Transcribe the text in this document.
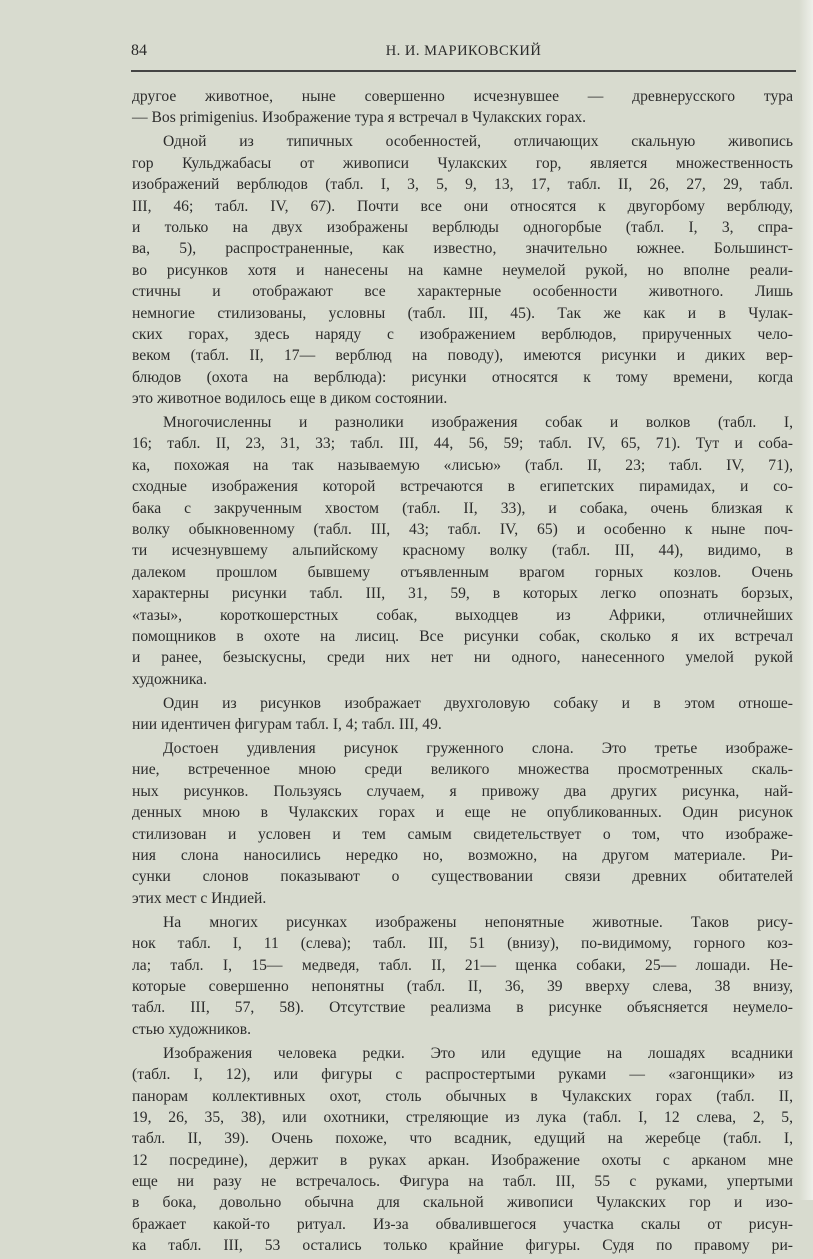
84	Н. И. МАРИКОВСКИЙ
другое животное, ныне совершенно исчезнувшее — древнерусского тура
— Bos primigenius. Изображение тура я встречал в Чулакских горах.
Одной из типичных особенностей, отличающих скальную живопись
гор Кульджабасы от живописи Чулакских гор, является множественность
изображений верблюдов (табл. I, 3, 5, 9, 13, 17, табл. II, 26, 27, 29, табл.
III, 46; табл. IV, 67). Почти все они относятся к двугорбому верблюду,
и только на двух изображены верблюды одногорбые (табл. I, 3, спра-
ва, 5), распространенные, как известно, значительно южнее. Большинст-
во рисунков хотя и нанесены на камне неумелой рукой, но вполне реали-
стичны и отображают все характерные особенности животного. Лишь
немногие стилизованы, условны (табл. III, 45). Так же как и в Чулак-
ских горах, здесь наряду с изображением верблюдов, прирученных чело-
веком (табл. II, 17— верблюд на поводу), имеются рисунки и диких вер-
блюдов (охота на верблюда): рисунки относятся к тому времени, когда
это животное водилось еще в диком состоянии.
Многочисленны и разнолики изображения собак и волков (табл. I,
16; табл. II, 23, 31, 33; табл. III, 44, 56, 59; табл. IV, 65, 71). Тут и соба-
ка, похожая на так называемую «лисью» (табл. II, 23; табл. IV, 71),
сходные изображения которой встречаются в египетских пирамидах, и со-
бака с закрученным хвостом (табл. II, 33), и собака, очень близкая к
волку обыкновенному (табл. III, 43; табл. IV, 65) и особенно к ныне поч-
ти исчезнувшему альпийскому красному волку (табл. III, 44), видимо, в
далеком прошлом бывшему отъявленным врагом горных козлов. Очень
характерны рисунки табл. III, 31, 59, в которых легко опознать борзых,
«тазы», короткошерстных собак, выходцев из Африки, отличнейших
помощников в охоте на лисиц. Все рисунки собак, сколько я их встречал
и ранее, безыскусны, среди них нет ни одного, нанесенного умелой рукой
художника.
Один из рисунков изображает двухголовую собаку и в этом отноше-
нии идентичен фигурам табл. I, 4; табл. III, 49.
Достоен удивления рисунок груженного слона. Это третье изображе-
ние, встреченное мною среди великого множества просмотренных скаль-
ных рисунков. Пользуясь случаем, я привожу два других рисунка, най-
денных мною в Чулакских горах и еще не опубликованных. Один рисунок
стилизован и условен и тем самым свидетельствует о том, что изображе-
ния слона наносились нередко но, возможно, на другом материале. Ри-
сунки слонов показывают о существовании связи древних обитателей
этих мест с Индией.
На многих рисунках изображены непонятные животные. Таков рису-
нок табл. I, 11 (слева); табл. III, 51 (внизу), по-видимому, горного коз-
ла; табл. I, 15— медведя, табл. II, 21— щенка собаки, 25— лошади. Не-
которые совершенно непонятны (табл. II, 36, 39 вверху слева, 38 внизу,
табл. III, 57, 58). Отсутствие реализма в рисунке объясняется неумело-
стью художников.
Изображения человека редки. Это или едущие на лошадях всадники
(табл. I, 12), или фигуры с распростертыми руками — «загонщики» из
панорам коллективных охот, столь обычных в Чулакских горах (табл. II,
19, 26, 35, 38), или охотники, стреляющие из лука (табл. I, 12 слева, 2, 5,
табл. II, 39). Очень похоже, что всадник, едущий на жеребце (табл. I,
12 посредине), держит в руках аркан. Изображение охоты с арканом мне
еще ни разу не встречалось. Фигура на табл. III, 55 с руками, упертыми
в бока, довольно обычна для скальной живописи Чулакских гор и изо-
бражает какой-то ритуал. Из-за обвалившегося участка скалы от рисун-
ка табл. III, 53 остались только крайние фигуры. Судя по правому ри-
